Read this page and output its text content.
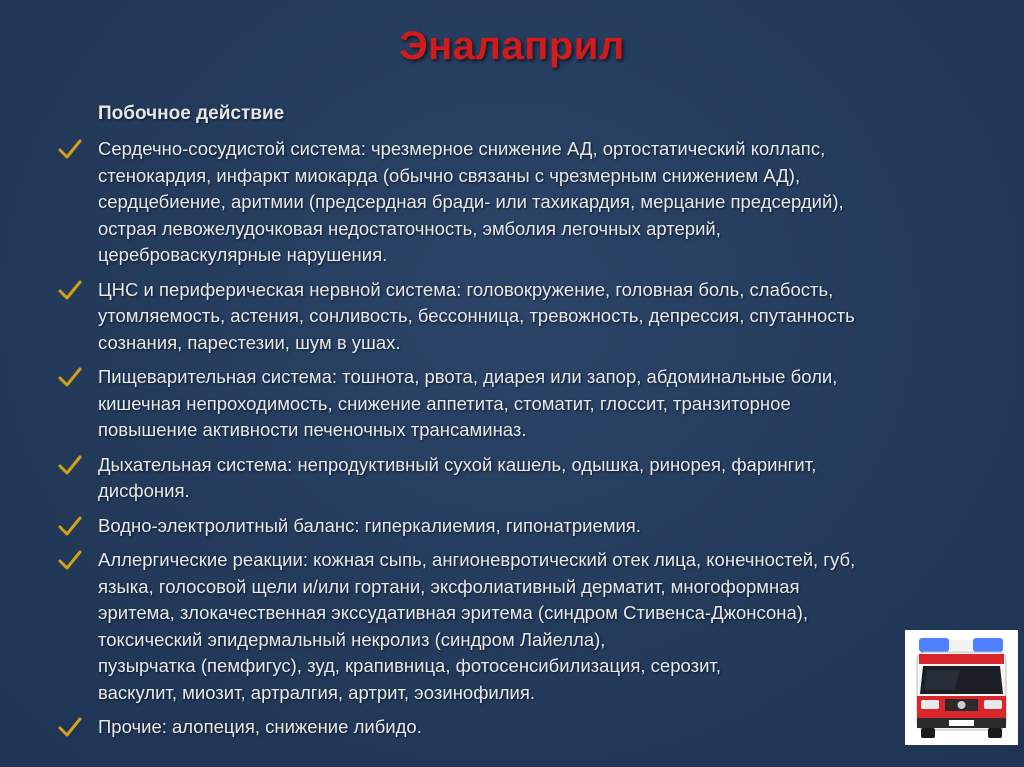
Эналаприл
Побочное действие
Сердечно-сосудистой система: чрезмерное снижение АД, ортостатический коллапс,
стенокардия, инфаркт миокарда (обычно связаны с чрезмерным снижением АД),
сердцебиение, аритмии (предсердная бради- или тахикардия, мерцание предсердий),
острая левожелудочковая недостаточность, эмболия легочных артерий,
цереброваскулярные нарушения.
ЦНС и периферическая нервной система: головокружение, головная боль, слабость,
утомляемость, астения, сонливость, бессонница, тревожность, депрессия, спутанность
сознания, парестезии, шум в ушах.
Пищеварительная система: тошнота, рвота, диарея или запор, абдоминальные боли,
кишечная непроходимость, снижение аппетита, стоматит, глоссит, транзиторное
повышение активности печеночных трансаминаз.
Дыхательная система: непродуктивный сухой кашель, одышка, ринорея, фарингит,
дисфония.
Водно-электролитный баланс: гиперкалиемия, гипонатриемия.
Аллергические реакции: кожная сыпь, ангионевротический отек лица, конечностей, губ,
языка, голосовой щели и/или гортани, эксфолиативный дерматит, многоформная
эритема, злокачественная экссудативная эритема (синдром Стивенса-Джонсона),
токсический эпидермальный некролиз (синдром Лайелла),
пузырчатка (пемфигус), зуд, крапивница, фотосенсибилизация, серозит,
васкулит, миозит, артралгия, артрит, эозинофилия.
Прочие: алопеция, снижение либидо.
